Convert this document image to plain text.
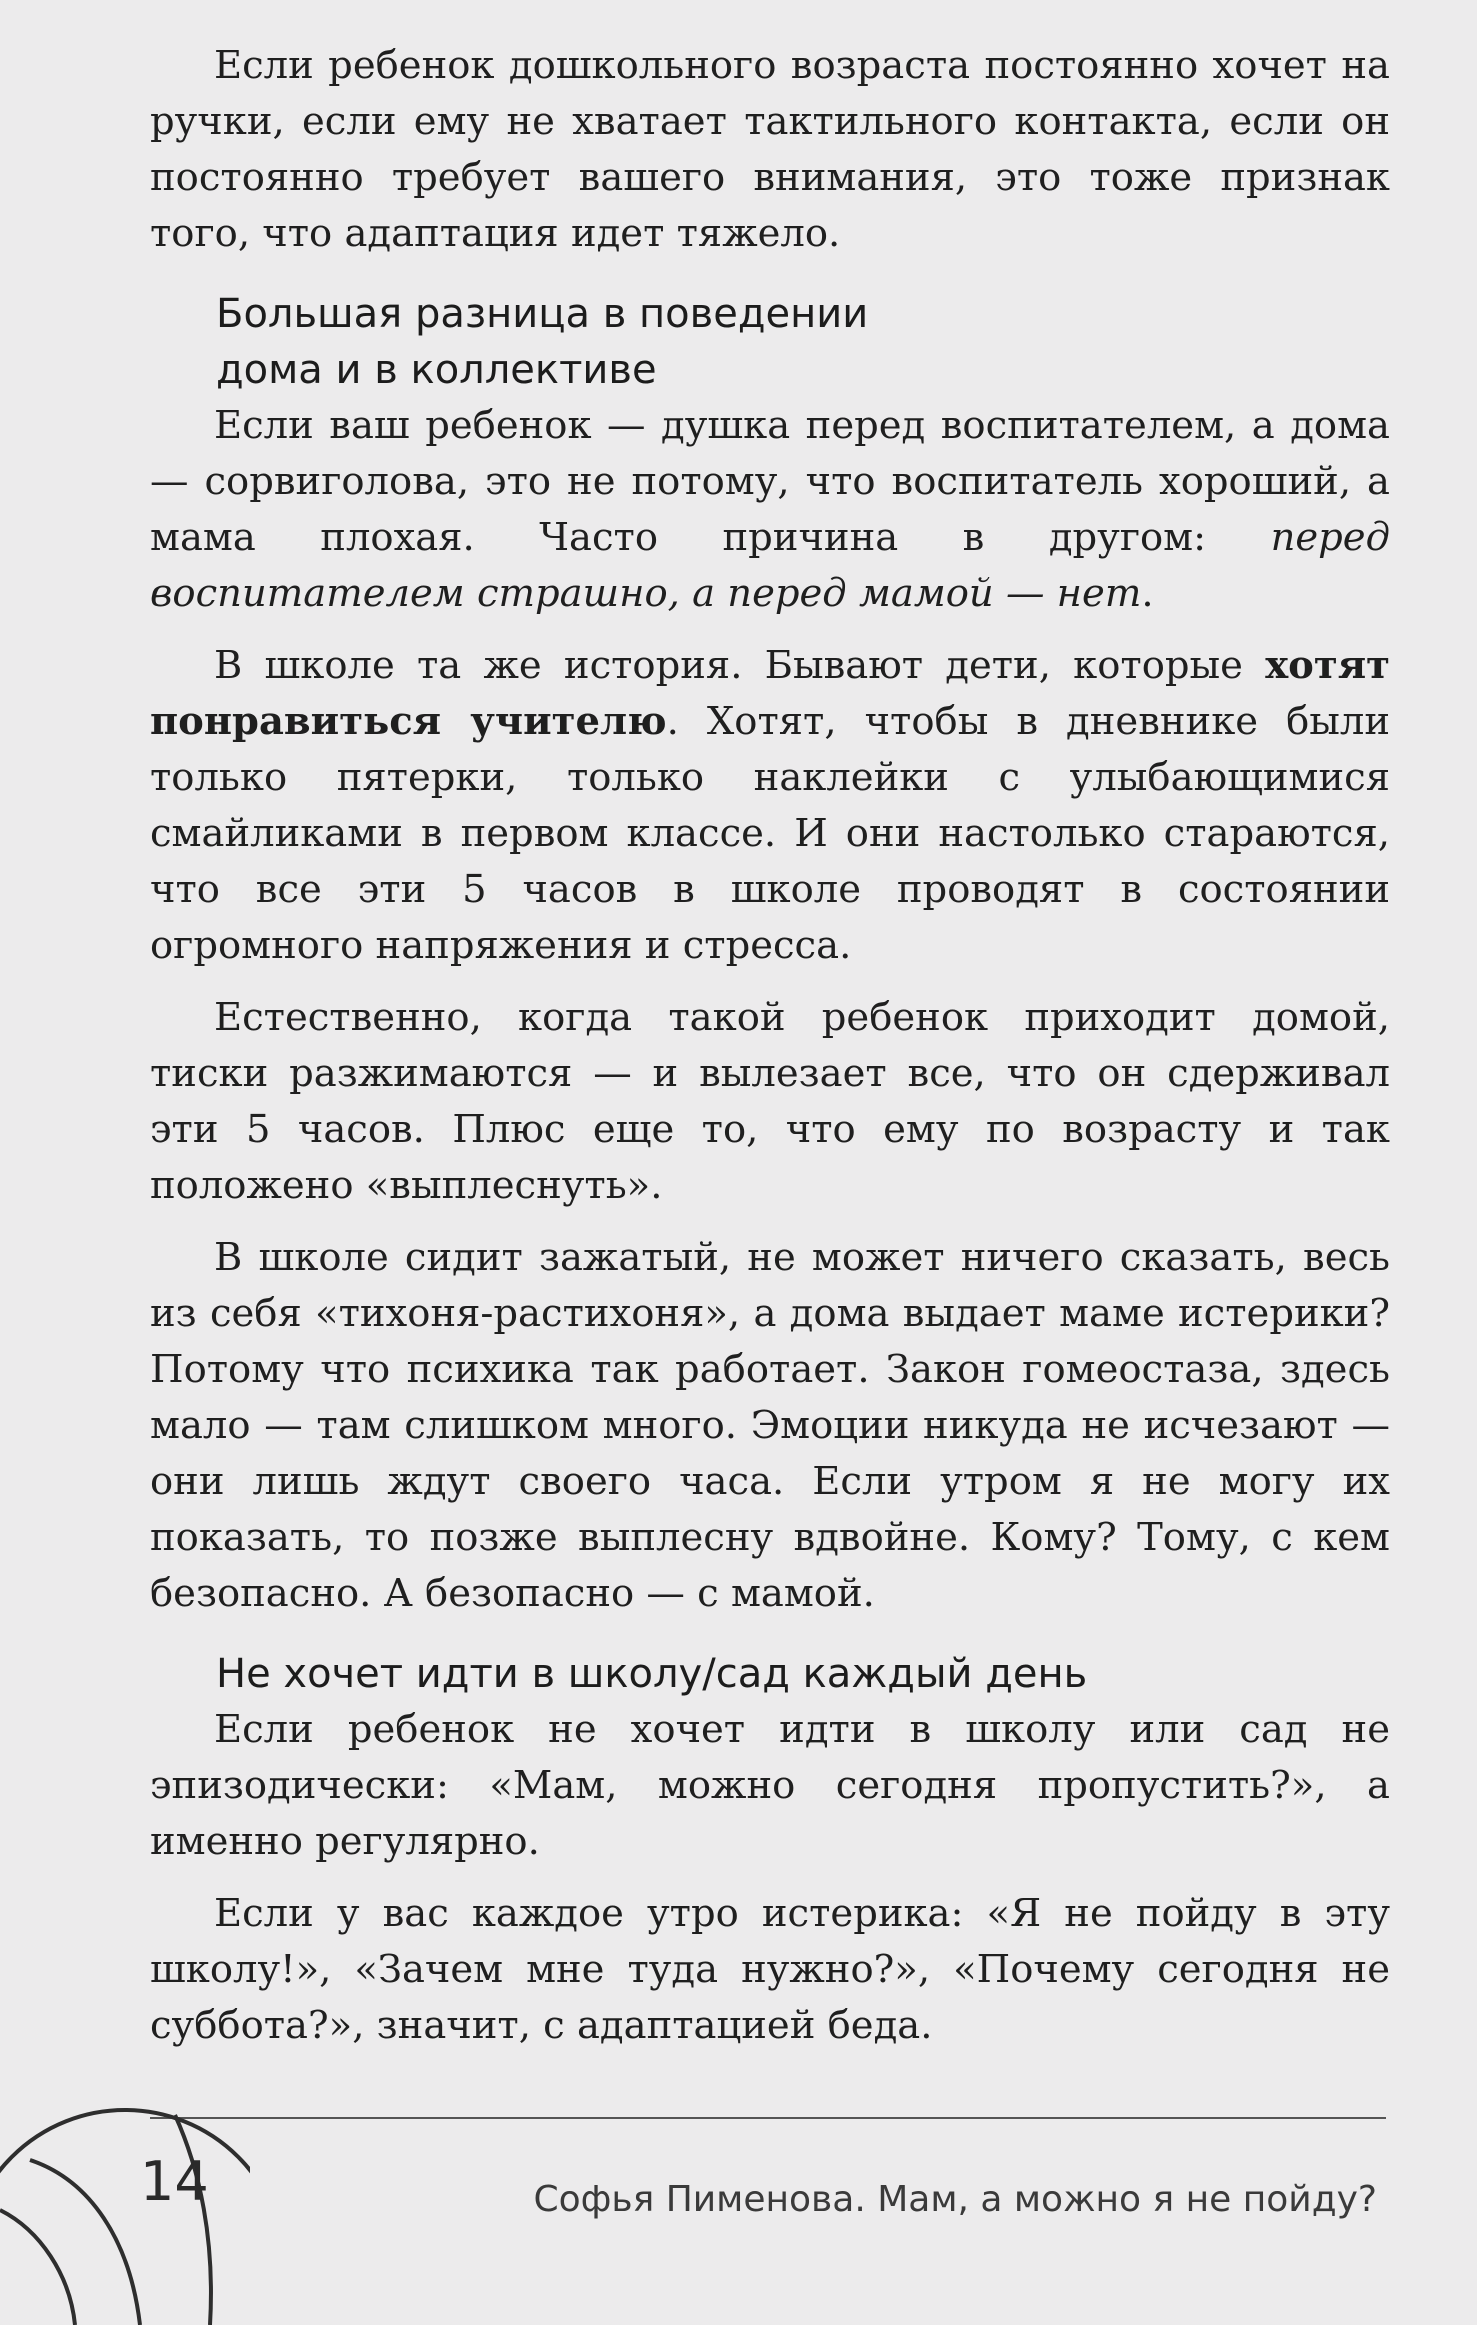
Если ребенок дошкольного возраста постоянно хочет на ручки, если ему не хватает тактильного контакта, если он постоянно требует вашего внимания, это тоже признак того, что адаптация идет тяжело.

Большая разница в поведении
дома и в коллективе

Если ваш ребенок — душка перед воспитателем, а дома — сорвиголова, это не потому, что воспитатель хороший, а мама плохая. Часто причина в другом: перед воспитателем страшно, а перед мамой — нет.

В школе та же история. Бывают дети, которые хотят понравиться учителю. Хотят, чтобы в дневнике были только пятерки, только наклейки с улыбающимися смайликами в первом классе. И они настолько стараются, что все эти 5 часов в школе проводят в состоянии огромного напряжения и стресса.

Естественно, когда такой ребенок приходит домой, тиски разжимаются — и вылезает все, что он сдерживал эти 5 часов. Плюс еще то, что ему по возрасту и так положено «выплеснуть».

В школе сидит зажатый, не может ничего сказать, весь из себя «тихоня-растихоня», а дома выдает маме истерики? Потому что психика так работает. Закон гомеостаза, здесь мало — там слишком много. Эмоции никуда не исчезают — они лишь ждут своего часа. Если утром я не могу их показать, то позже выплесну вдвойне. Кому? Тому, с кем безопасно. А безопасно — с мамой.

Не хочет идти в школу/сад каждый день

Если ребенок не хочет идти в школу или сад не эпизодически: «Мам, можно сегодня пропустить?», а именно регулярно.

Если у вас каждое утро истерика: «Я не пойду в эту школу!», «Зачем мне туда нужно?», «Почему сегодня не суббота?», значит, с адаптацией беда.

14	Софья Пименова. Мам, а можно я не пойду?
